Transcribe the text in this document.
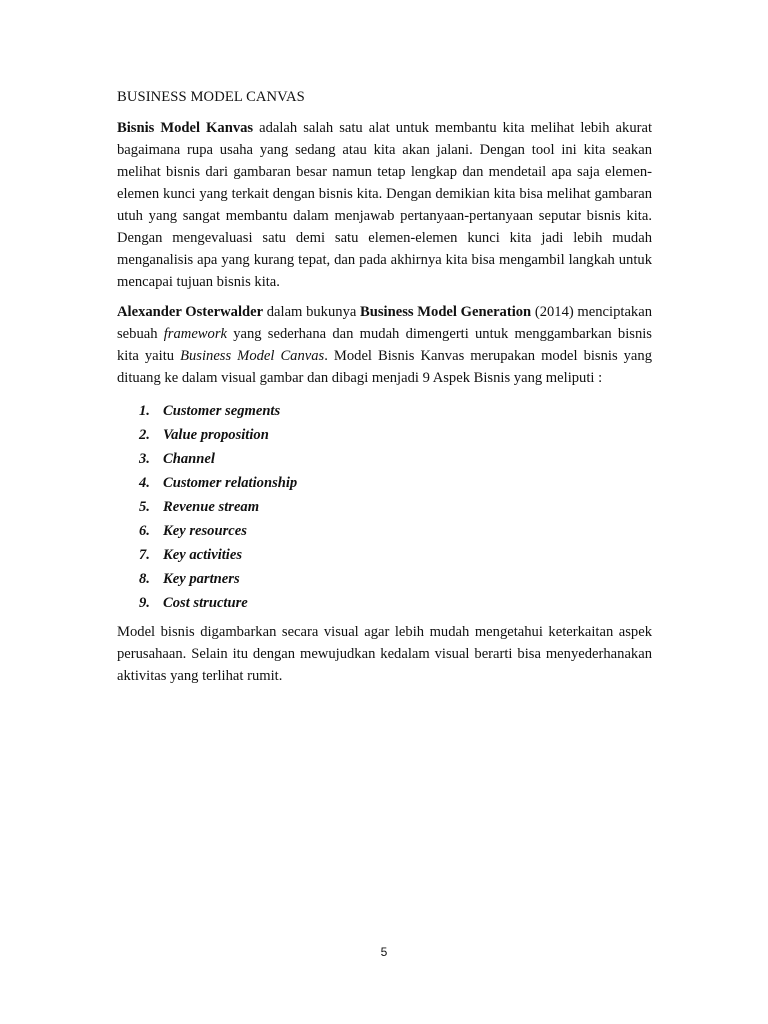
BUSINESS MODEL CANVAS

Bisnis Model Kanvas adalah salah satu alat untuk membantu kita melihat lebih akurat bagaimana rupa usaha yang sedang atau kita akan jalani. Dengan tool ini kita seakan melihat bisnis dari gambaran besar namun tetap lengkap dan mendetail apa saja elemen-elemen kunci yang terkait dengan bisnis kita. Dengan demikian kita bisa melihat gambaran utuh yang sangat membantu dalam menjawab pertanyaan-pertanyaan seputar bisnis kita. Dengan mengevaluasi satu demi satu elemen-elemen kunci kita jadi lebih mudah menganalisis apa yang kurang tepat, dan pada akhirnya kita bisa mengambil langkah untuk mencapai tujuan bisnis kita.

Alexander Osterwalder dalam bukunya Business Model Generation (2014) menciptakan sebuah framework yang sederhana dan mudah dimengerti untuk menggambarkan bisnis kita yaitu Business Model Canvas. Model Bisnis Kanvas merupakan model bisnis yang dituang ke dalam visual gambar dan dibagi menjadi 9 Aspek Bisnis yang meliputi :

1. Customer segments
2. Value proposition
3. Channel
4. Customer relationship
5. Revenue stream
6. Key resources
7. Key activities
8. Key partners
9. Cost structure

Model bisnis digambarkan secara visual agar lebih mudah mengetahui keterkaitan aspek perusahaan. Selain itu dengan mewujudkan kedalam visual berarti bisa menyederhanakan aktivitas yang terlihat rumit.

5
